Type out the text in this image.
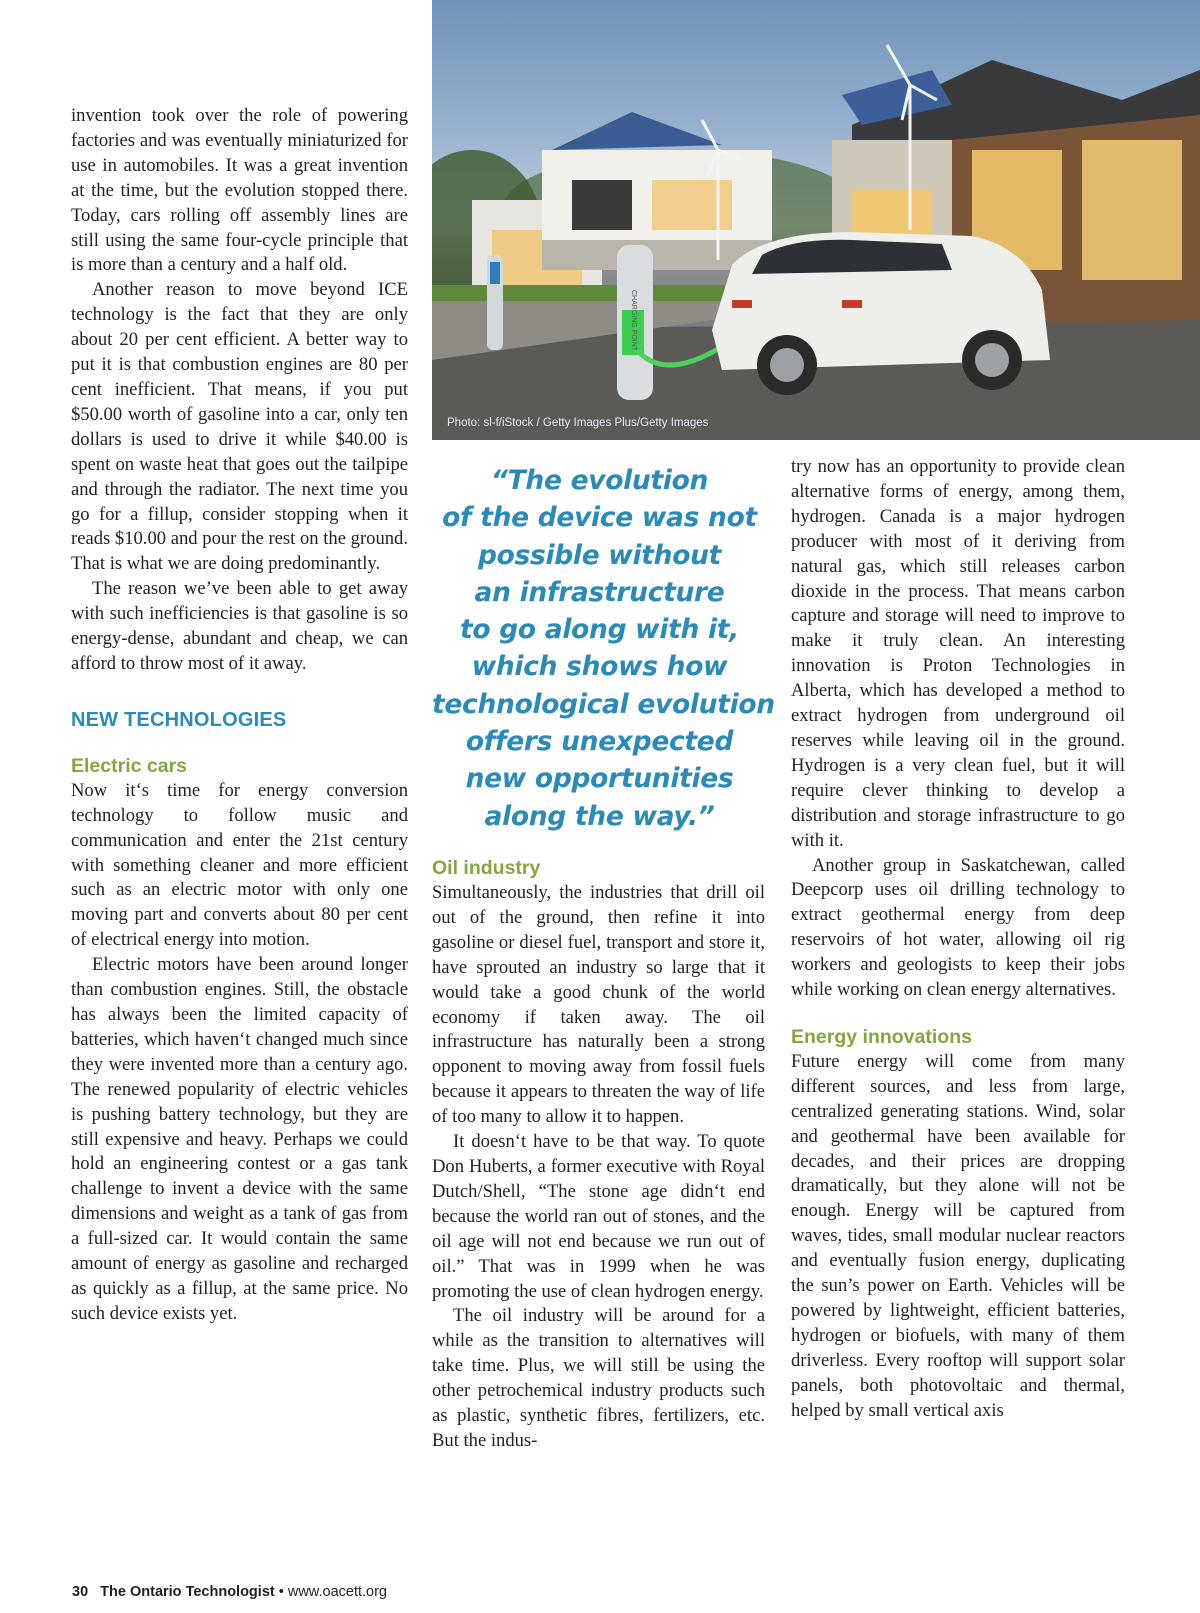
CHARGING POINT
Photo: sl-f/iStock / Getty Images Plus/Getty Images

invention took over the role of powering factories and was eventually miniaturized for use in automobiles. It was a great invention at the time, but the evolution stopped there. Today, cars rolling off assembly lines are still using the same four-cycle principle that is more than a century and a half old.

Another reason to move beyond ICE technology is the fact that they are only about 20 per cent efficient. A better way to put it is that combustion engines are 80 per cent inefficient. That means, if you put $50.00 worth of gasoline into a car, only ten dollars is used to drive it while $40.00 is spent on waste heat that goes out the tailpipe and through the radiator. The next time you go for a fillup, consider stopping when it reads $10.00 and pour the rest on the ground. That is what we are doing predominantly.

The reason we’ve been able to get away with such inefficiencies is that gasoline is so energy-dense, abundant and cheap, we can afford to throw most of it away.

NEW TECHNOLOGIES
Electric cars

Now it‘s time for energy conversion technology to follow music and communication and enter the 21st century with something cleaner and more efficient such as an electric motor with only one moving part and converts about 80 per cent of electrical energy into motion.

Electric motors have been around longer than combustion engines. Still, the obstacle has always been the limited capacity of batteries, which haven‘t changed much since they were invented more than a century ago. The renewed popularity of electric vehicles is pushing battery technology, but they are still expensive and heavy. Perhaps we could hold an engineering contest or a gas tank challenge to invent a device with the same dimensions and weight as a tank of gas from a full-sized car. It would contain the same amount of energy as gasoline and recharged as quickly as a fillup, at the same price. No such device exists yet.

“The evolution
of the device was not
possible without
an infrastructure
to go along with it,
which shows how
technological evolution
offers unexpected
new opportunities
along the way.”
Oil industry

Simultaneously, the industries that drill oil out of the ground, then refine it into gasoline or diesel fuel, transport and store it, have sprouted an industry so large that it would take a good chunk of the world economy if taken away. The oil infrastructure has naturally been a strong opponent to moving away from fossil fuels because it appears to threaten the way of life of too many to allow it to happen.

It doesn‘t have to be that way. To quote Don Huberts, a former executive with Royal Dutch/Shell, “The stone age didn‘t end because the world ran out of stones, and the oil age will not end because we run out of oil.” That was in 1999 when he was promoting the use of clean hydrogen energy.

The oil industry will be around for a while as the transition to alternatives will take time. Plus, we will still be using the other petrochemical industry products such as plastic, synthetic fibres, fertilizers, etc. But the indus-

try now has an opportunity to provide clean alternative forms of energy, among them, hydrogen. Canada is a major hydrogen producer with most of it deriving from natural gas, which still releases carbon dioxide in the process. That means carbon capture and storage will need to improve to make it truly clean. An interesting innovation is Proton Technologies in Alberta, which has developed a method to extract hydrogen from underground oil reserves while leaving oil in the ground. Hydrogen is a very clean fuel, but it will require clever thinking to develop a distribution and storage infrastructure to go with it.

Another group in Saskatchewan, called Deepcorp uses oil drilling technology to extract geothermal energy from deep reservoirs of hot water, allowing oil rig workers and geologists to keep their jobs while working on clean energy alternatives.

Energy innovations

Future energy will come from many different sources, and less from large, centralized generating stations. Wind, solar and geothermal have been available for decades, and their prices are dropping dramatically, but they alone will not be enough. Energy will be captured from waves, tides, small modular nuclear reactors and eventually fusion energy, duplicating the sun’s power on Earth. Vehicles will be powered by lightweight, efficient batteries, hydrogen or biofuels, with many of them driverless. Every rooftop will support solar panels, both photovoltaic and thermal, helped by small vertical axis

30 The Ontario Technologist • www.oacett.org
